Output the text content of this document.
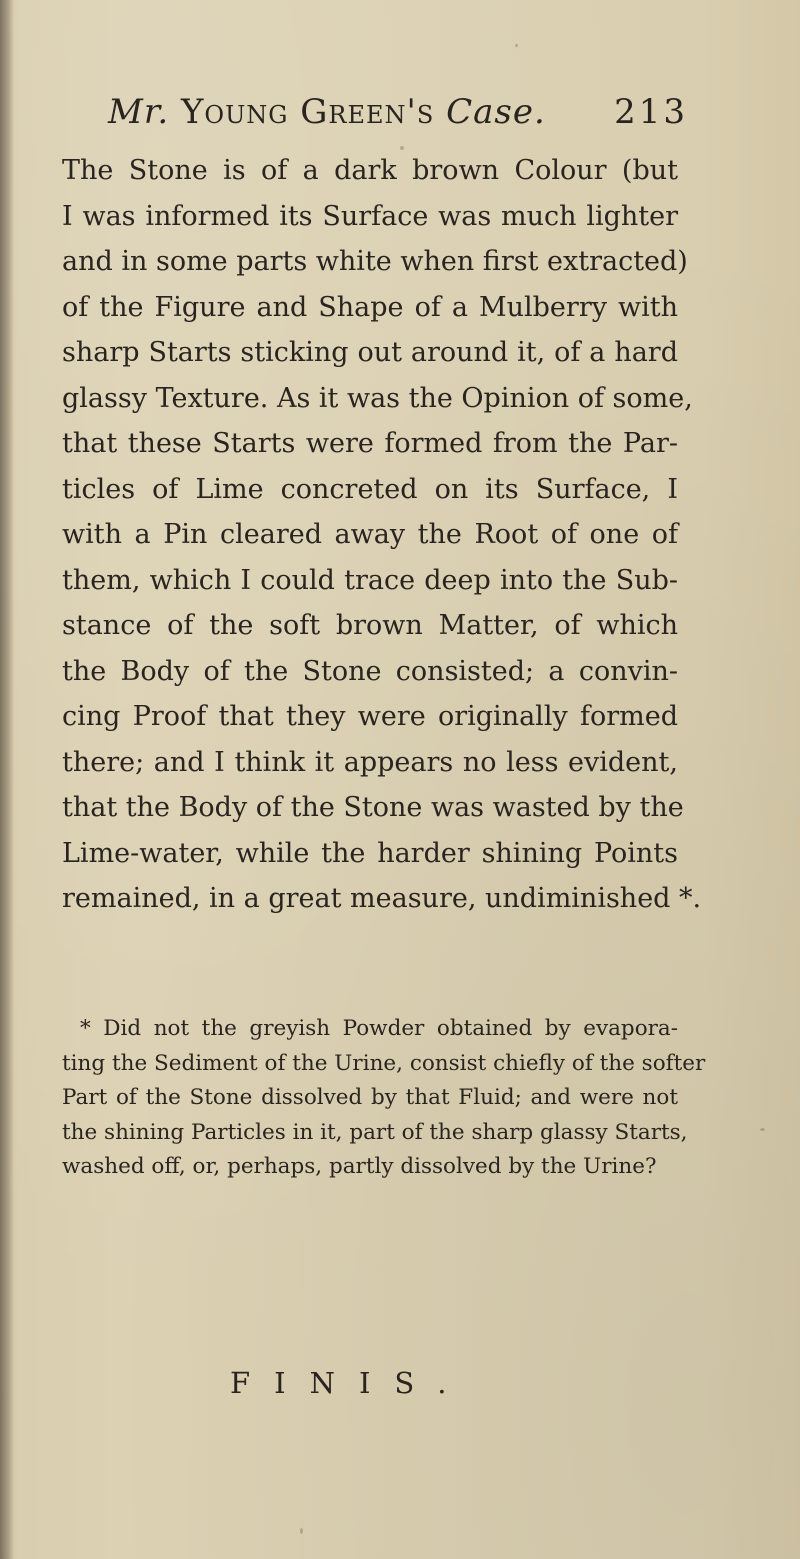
Mr. Young Green's Case. 213
The Stone is of a dark brown Colour (but
I was informed its Surface was much lighter
and in some parts white when first extracted)
of the Figure and Shape of a Mulberry with
sharp Starts sticking out around it, of a hard
glassy Texture. As it was the Opinion of some,
that these Starts were formed from the Par-
ticles of Lime concreted on its Surface, I
with a Pin cleared away the Root of one of
them, which I could trace deep into the Sub-
stance of the soft brown Matter, of which
the Body of the Stone consisted; a convin-
cing Proof that they were originally formed
there; and I think it appears no less evident,
that the Body of the Stone was wasted by the
Lime-water, while the harder shining Points
remained, in a great measure, undiminished *.
* Did not the greyish Powder obtained by evapora-
ting the Sediment of the Urine, consist chiefly of the softer
Part of the Stone dissolved by that Fluid; and were not
the shining Particles in it, part of the sharp glassy Starts,
washed off, or, perhaps, partly dissolved by the Urine?
FINIS.
